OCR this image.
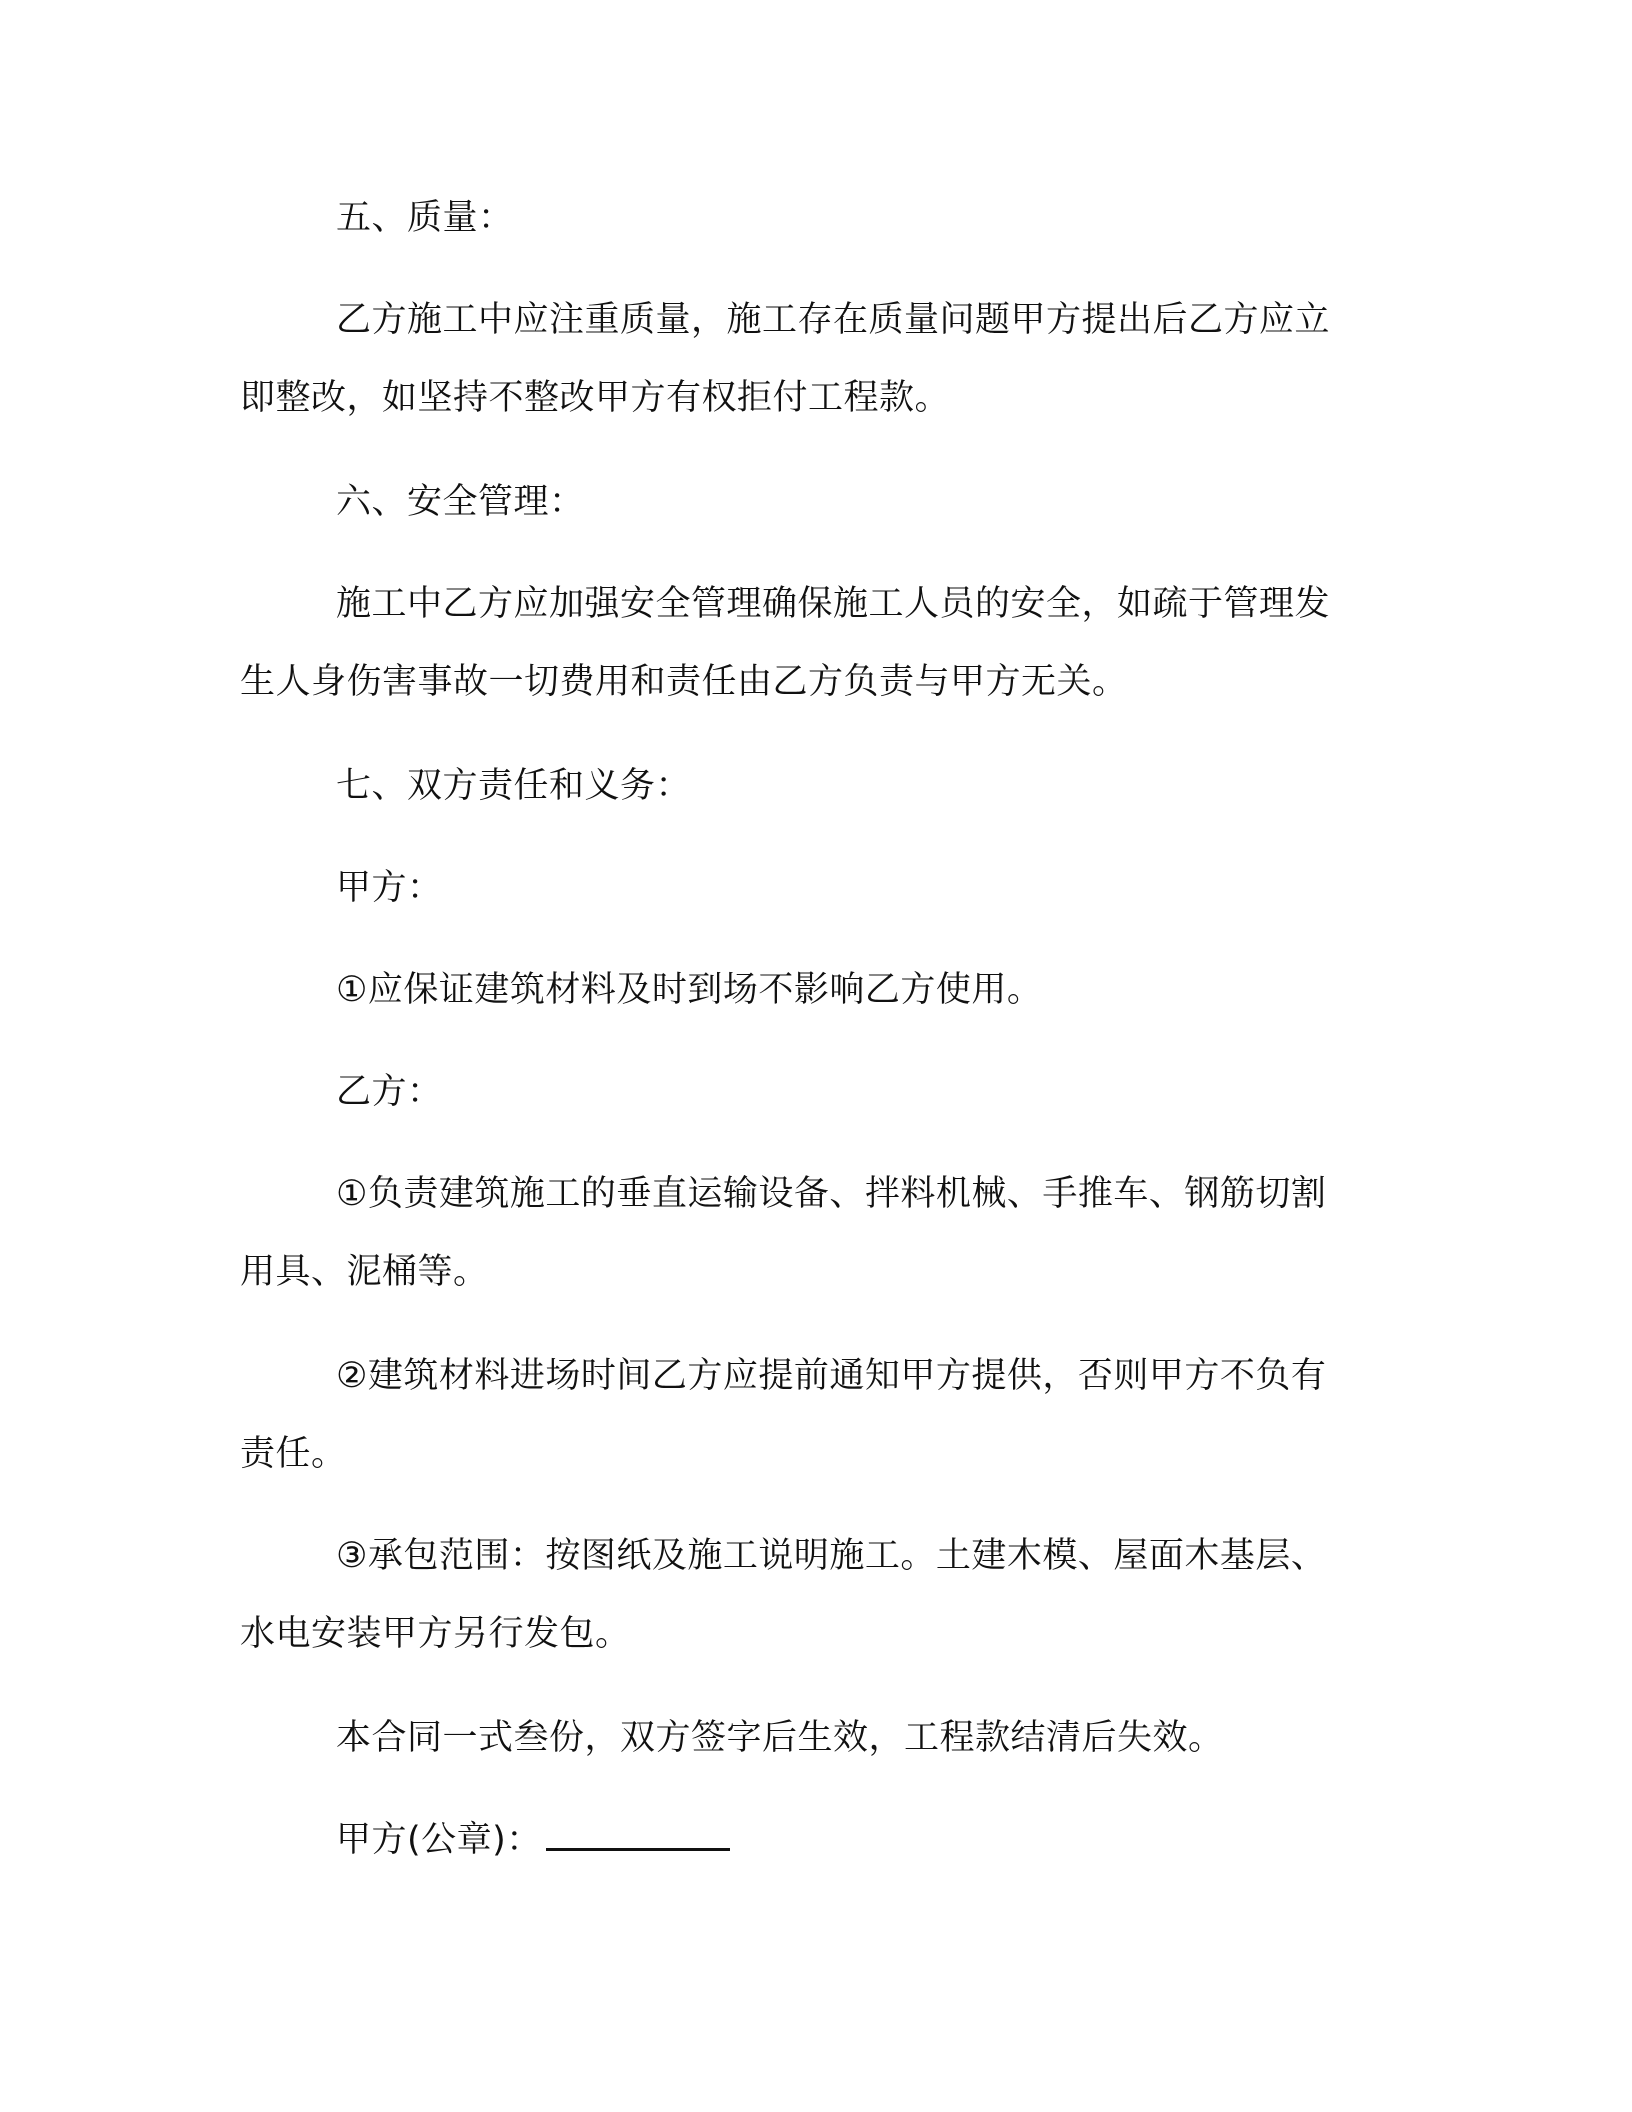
五、质量：
乙方施工中应注重质量，施工存在质量问题甲方提出后乙方应立
即整改，如坚持不整改甲方有权拒付工程款。
六、安全管理：
施工中乙方应加强安全管理确保施工人员的安全，如疏于管理发
生人身伤害事故一切费用和责任由乙方负责与甲方无关。
七、双方责任和义务：
甲方：
①应保证建筑材料及时到场不影响乙方使用。
乙方：
①负责建筑施工的垂直运输设备、拌料机械、手推车、钢筋切割
用具、泥桶等。
②建筑材料进场时间乙方应提前通知甲方提供，否则甲方不负有
责任。
③承包范围：按图纸及施工说明施工。土建木模、屋面木基层、
水电安装甲方另行发包。
本合同一式叁份，双方签字后生效，工程款结清后失效。
甲方(公章)：
